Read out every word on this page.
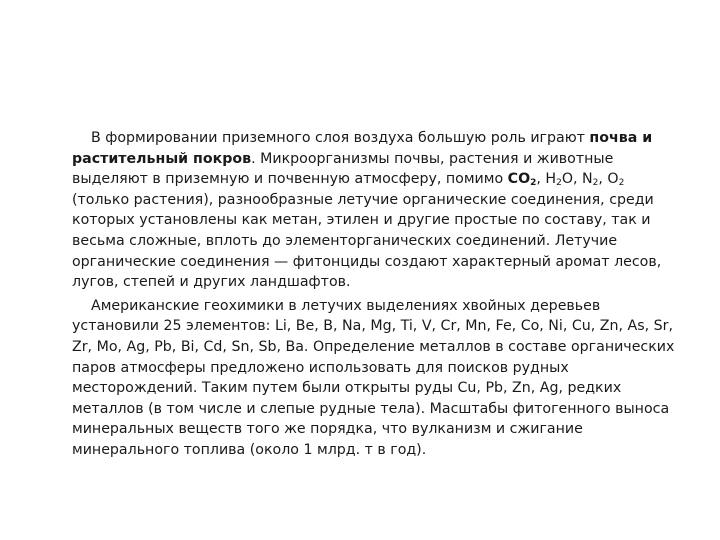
В формировании приземного слоя воздуха большую роль играют почва и растительный покров. Микроорганизмы почвы, растения и животные выделяют в приземную и почвенную атмосферу, помимо $CO_2$, $H_2O$, $N_2$, $O_2$ (только растения), разнообразные летучие органические соединения, среди которых установлены как метан, этилен и другие простые по составу, так и весьма сложные, вплоть до элементорганических соединений. Летучие органические соединения — фитонциды создают характерный аромат лесов, лугов, степей и других ландшафтов.

Американские геохимики в летучих выделениях хвойных деревьев установили 25 элементов: Li, Be, B, Na, Mg, Ti, V, Cr, Mn, Fe, Co, Ni, Cu, Zn, As, Sr, Zr, Mo, Ag, Pb, Bi, Cd, Sn, Sb, Ba. Определение металлов в составе органических паров атмосферы предложено использовать для поисков рудных месторождений. Таким путем были открыты руды Cu, Pb, Zn, Ag, редких металлов (в том числе и слепые рудные тела). Масштабы фитогенного выноса минеральных веществ того же порядка, что вулканизм и сжигание минерального топлива (около 1 млрд. т в год).
